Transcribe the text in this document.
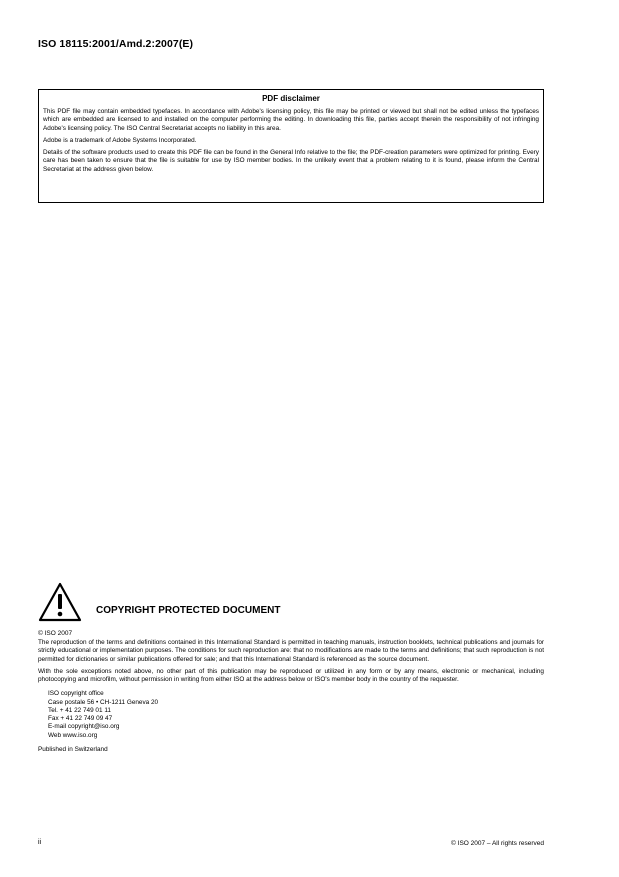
ISO 18115:2001/Amd.2:2007(E)
PDF disclaimer

This PDF file may contain embedded typefaces. In accordance with Adobe's licensing policy, this file may be printed or viewed but shall not be edited unless the typefaces which are embedded are licensed to and installed on the computer performing the editing. In downloading this file, parties accept therein the responsibility of not infringing Adobe's licensing policy. The ISO Central Secretariat accepts no liability in this area.

Adobe is a trademark of Adobe Systems Incorporated.

Details of the software products used to create this PDF file can be found in the General Info relative to the file; the PDF-creation parameters were optimized for printing. Every care has been taken to ensure that the file is suitable for use by ISO member bodies. In the unlikely event that a problem relating to it is found, please inform the Central Secretariat at the address given below.

COPYRIGHT PROTECTED DOCUMENT
© ISO 2007

The reproduction of the terms and definitions contained in this International Standard is permitted in teaching manuals, instruction booklets, technical publications and journals for strictly educational or implementation purposes. The conditions for such reproduction are: that no modifications are made to the terms and definitions; that such reproduction is not permitted for dictionaries or similar publications offered for sale; and that this International Standard is referenced as the source document.

With the sole exceptions noted above, no other part of this publication may be reproduced or utilized in any form or by any means, electronic or mechanical, including photocopying and microfilm, without permission in writing from either ISO at the address below or ISO's member body in the country of the requester.

ISO copyright office
Case postale 56 • CH-1211 Geneva 20
Tel. + 41 22 749 01 11
Fax + 41 22 749 09 47
E-mail copyright@iso.org
Web www.iso.org
Published in Switzerland
ii	© ISO 2007 – All rights reserved
